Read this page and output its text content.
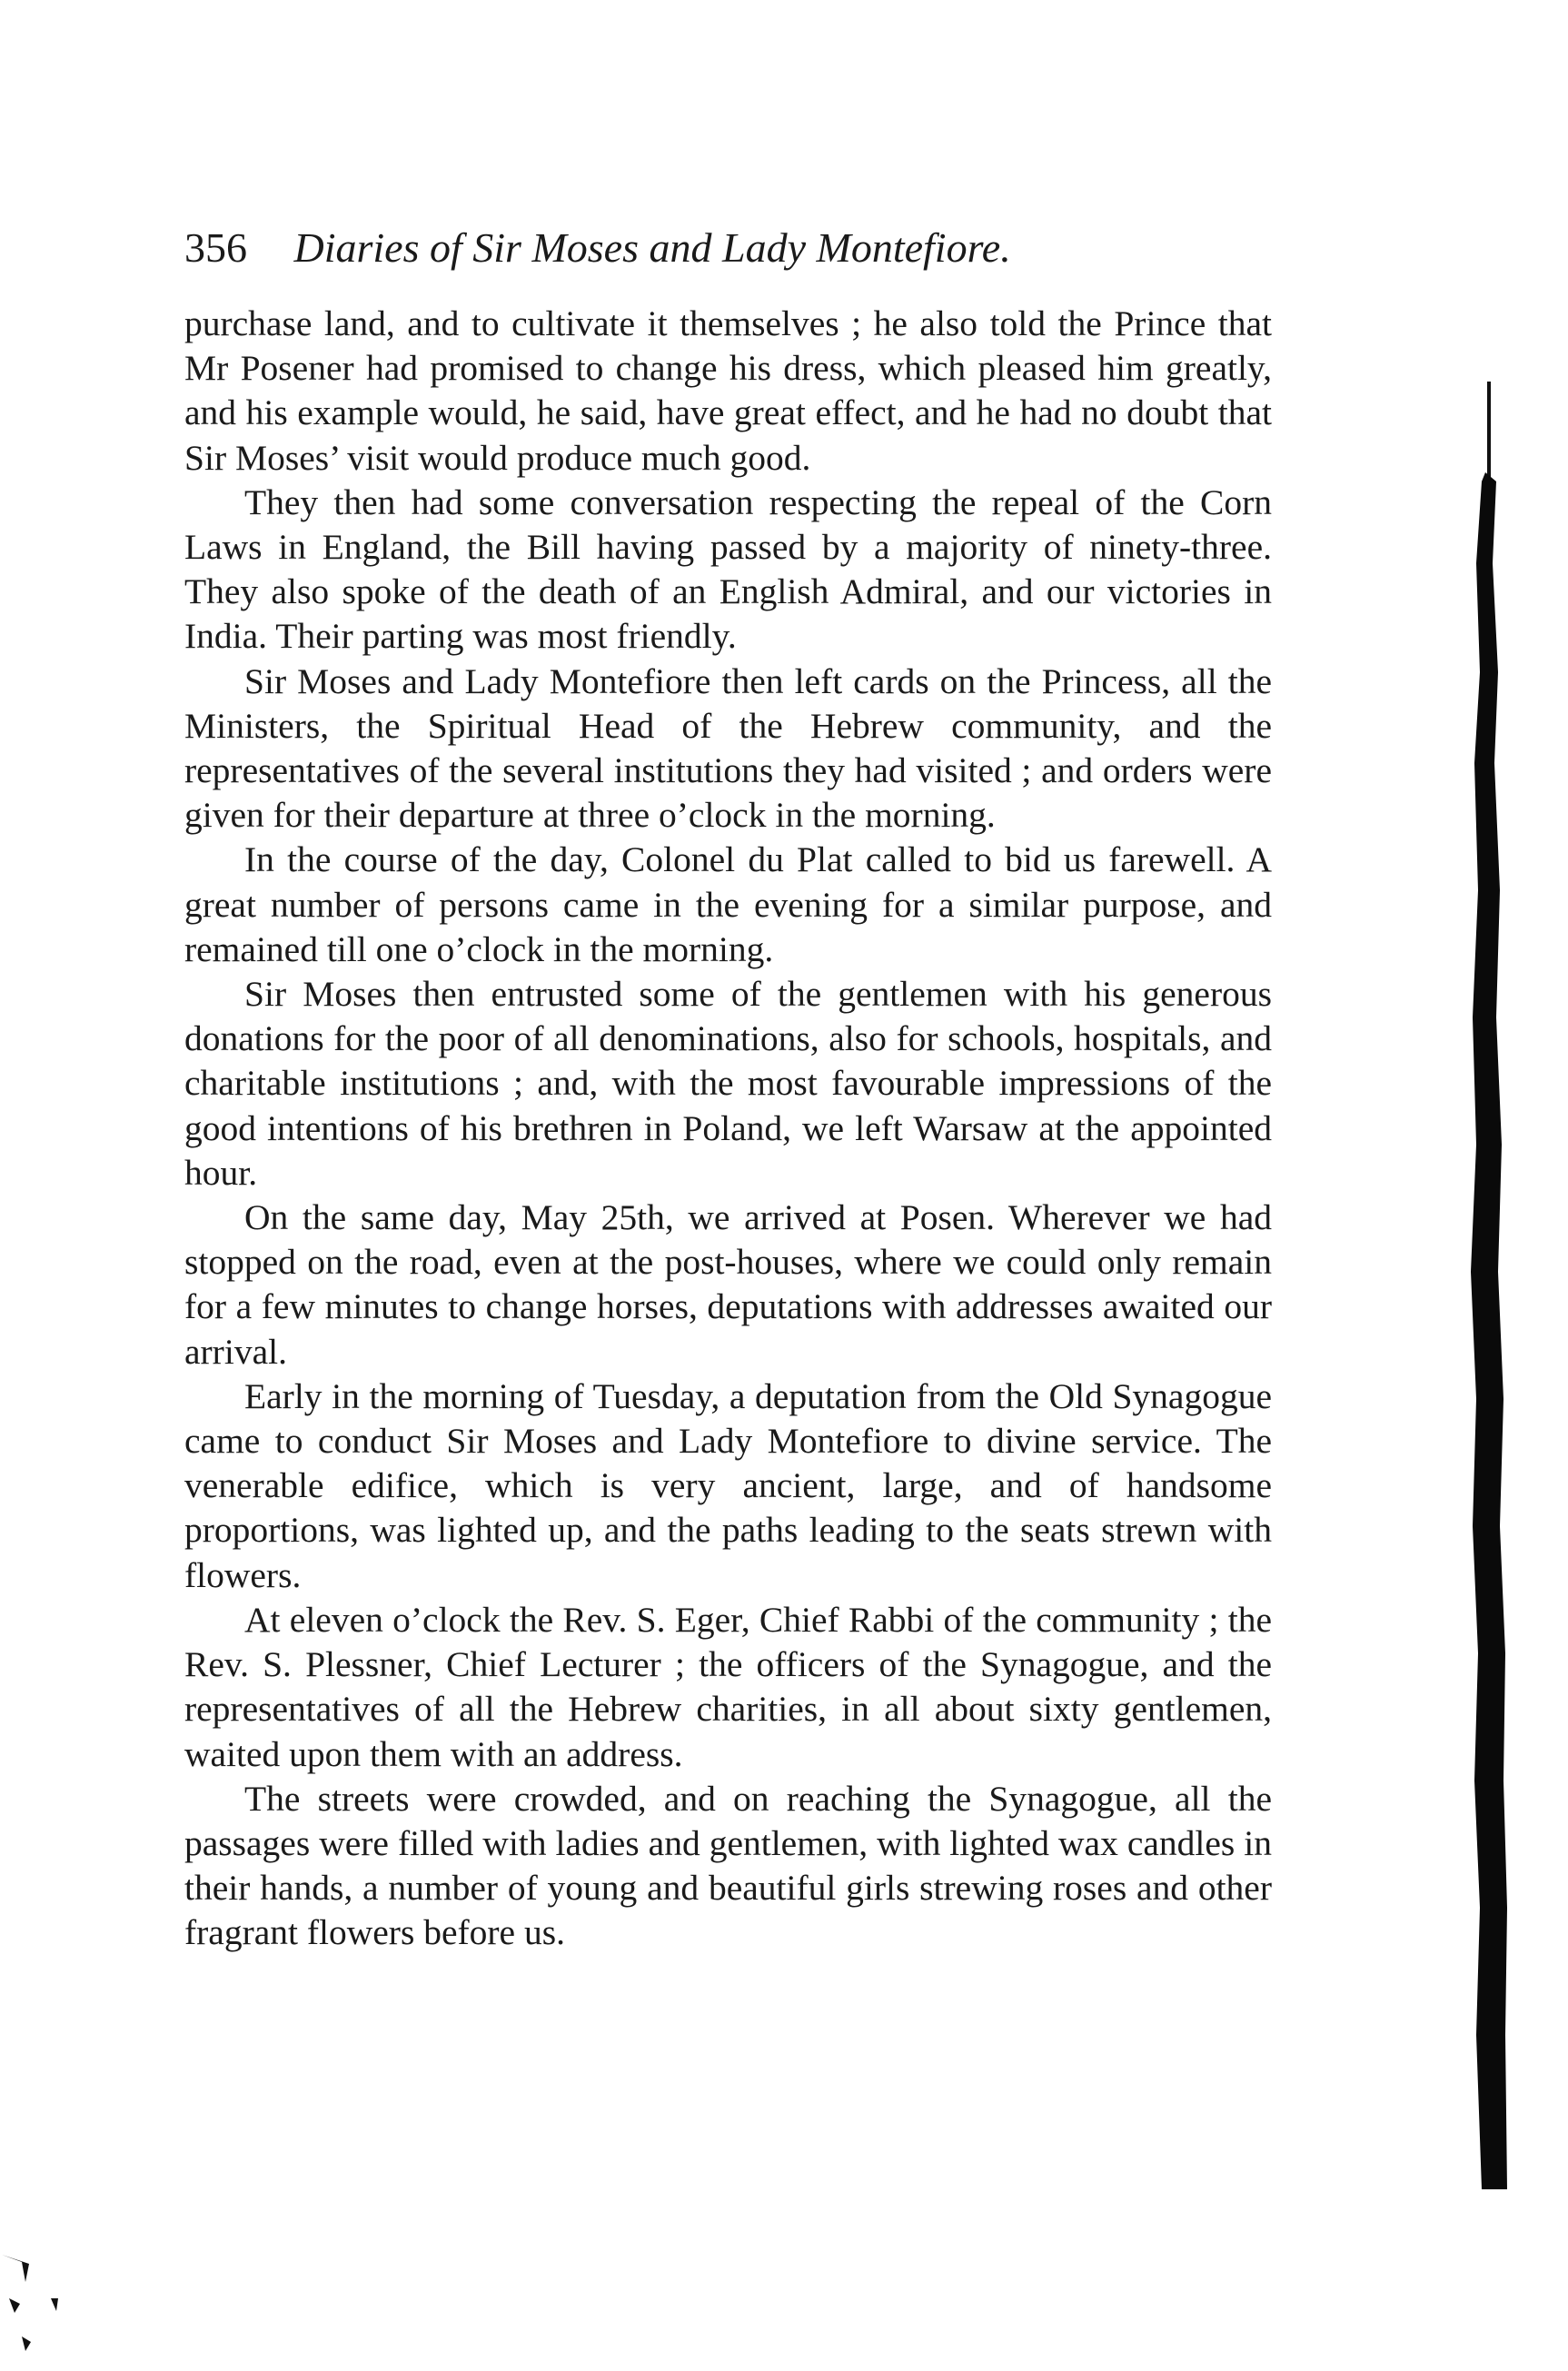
356 Diaries of Sir Moses and Lady Montefiore.

purchase land, and to cultivate it themselves ; he also told the Prince that Mr Posener had promised to change his dress, which pleased him greatly, and his example would, he said, have great effect, and he had no doubt that Sir Moses’ visit would produce much good.

They then had some conversation respecting the repeal of the Corn Laws in England, the Bill having passed by a majority of ninety-three. They also spoke of the death of an English Admiral, and our victories in India. Their parting was most friendly.

Sir Moses and Lady Montefiore then left cards on the Princess, all the Ministers, the Spiritual Head of the Hebrew community, and the representatives of the several institutions they had visited ; and orders were given for their departure at three o’clock in the morning.

In the course of the day, Colonel du Plat called to bid us farewell. A great number of persons came in the evening for a similar purpose, and remained till one o’clock in the morning.

Sir Moses then entrusted some of the gentlemen with his generous donations for the poor of all denominations, also for schools, hospitals, and charitable institutions ; and, with the most favourable impressions of the good intentions of his brethren in Poland, we left Warsaw at the appointed hour.

On the same day, May 25th, we arrived at Posen. Wherever we had stopped on the road, even at the post-houses, where we could only remain for a few minutes to change horses, deputations with addresses awaited our arrival.

Early in the morning of Tuesday, a deputation from the Old Synagogue came to conduct Sir Moses and Lady Montefiore to divine service. The venerable edifice, which is very ancient, large, and of handsome proportions, was lighted up, and the paths leading to the seats strewn with flowers.

At eleven o’clock the Rev. S. Eger, Chief Rabbi of the community ; the Rev. S. Plessner, Chief Lecturer ; the officers of the Synagogue, and the representatives of all the Hebrew charities, in all about sixty gentlemen, waited upon them with an address.

The streets were crowded, and on reaching the Synagogue, all the passages were filled with ladies and gentlemen, with lighted wax candles in their hands, a number of young and beautiful girls strewing roses and other fragrant flowers before us.
